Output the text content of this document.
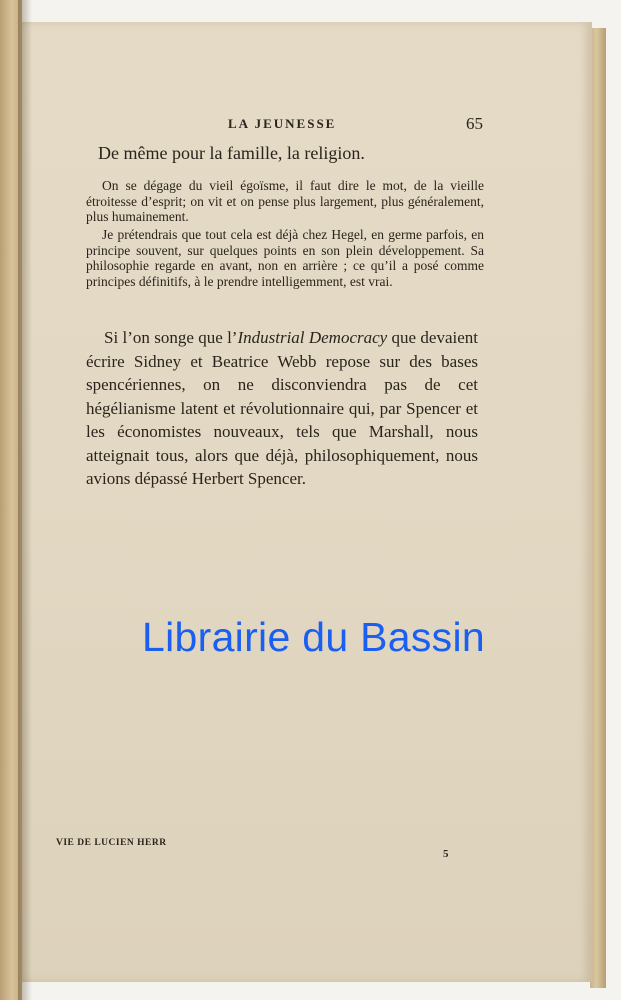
LA JEUNESSE	65
De même pour la famille, la religion.
On se dégage du vieil égoïsme, il faut dire le mot, de la vieille étroitesse d’esprit; on vit et on pense plus largement, plus généralement, plus humainement.
Je prétendrais que tout cela est déjà chez Hegel, en germe parfois, en principe souvent, sur quelques points en son plein développement. Sa philosophie regarde en avant, non en arrière ; ce qu’il a posé comme principes définitifs, à le prendre intelligemment, est vrai.
Si l’on songe que l’Industrial Democracy que devaient écrire Sidney et Beatrice Webb repose sur des bases spencériennes, on ne disconviendra pas de cet hégélianisme latent et révolutionnaire qui, par Spencer et les économistes nouveaux, tels que Marshall, nous atteignait tous, alors que déjà, philosophiquement, nous avions dépassé Herbert Spencer.
Librairie du Bassin
VIE DE LUCIEN HERR
5
